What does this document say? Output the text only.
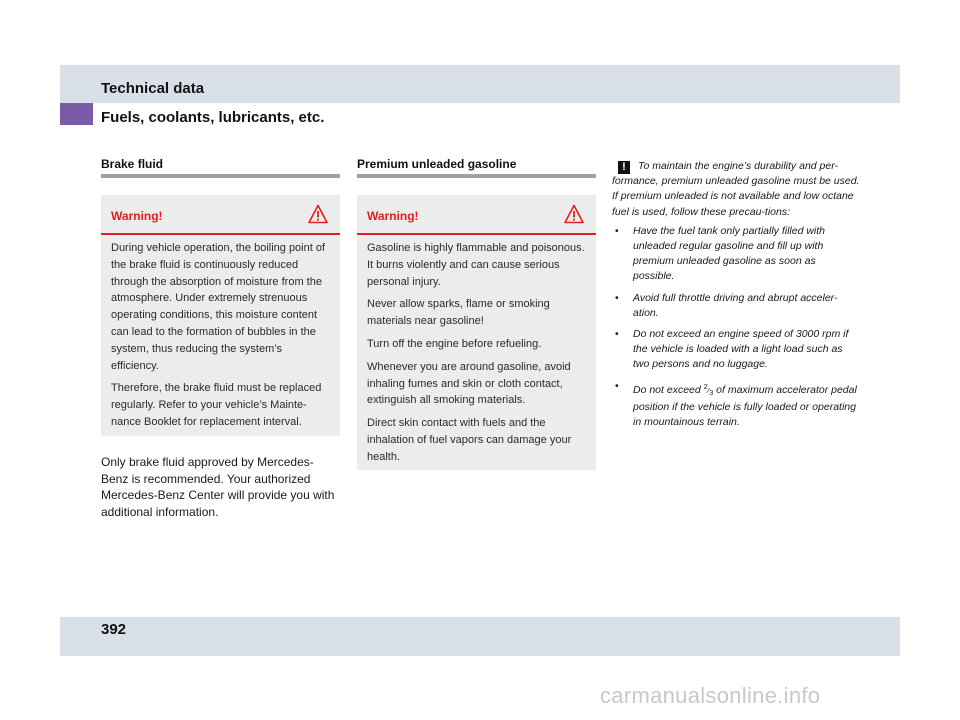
Technical data
Fuels, coolants, lubricants, etc.
Brake fluid
Warning!

During vehicle operation, the boiling point of the brake fluid is continuously reduced through the absorption of moisture from the atmosphere. Under extremely strenuous operating conditions, this moisture content can lead to the formation of bubbles in the system, thus reducing the system’s efficiency.

Therefore, the brake fluid must be replaced regularly. Refer to your vehicle’s Mainte-nance Booklet for replacement interval.

Only brake fluid approved by Mercedes-Benz is recommended. Your authorized Mercedes-Benz Center will provide you with additional information.
Premium unleaded gasoline
Warning!

Gasoline is highly flammable and poisonous. It burns violently and can cause serious personal injury.

Never allow sparks, flame or smoking materials near gasoline!

Turn off the engine before refueling.

Whenever you are around gasoline, avoid inhaling fumes and skin or cloth contact, extinguish all smoking materials.

Direct skin contact with fuels and the inhalation of fuel vapors can damage your health.

! To maintain the engine’s durability and per-formance, premium unleaded gasoline must be used. If premium unleaded is not available and low octane fuel is used, follow these precau-tions:

• Have the fuel tank only partially filled with unleaded regular gasoline and fill up with premium unleaded gasoline as soon as possible.
• Avoid full throttle driving and abrupt acceler-ation.
• Do not exceed an engine speed of 3000 rpm if the vehicle is loaded with a light load such as two persons and no luggage.
• Do not exceed 2⁄3 of maximum accelerator pedal position if the vehicle is fully loaded or operating in mountainous terrain.
392
carmanualsonline.info
